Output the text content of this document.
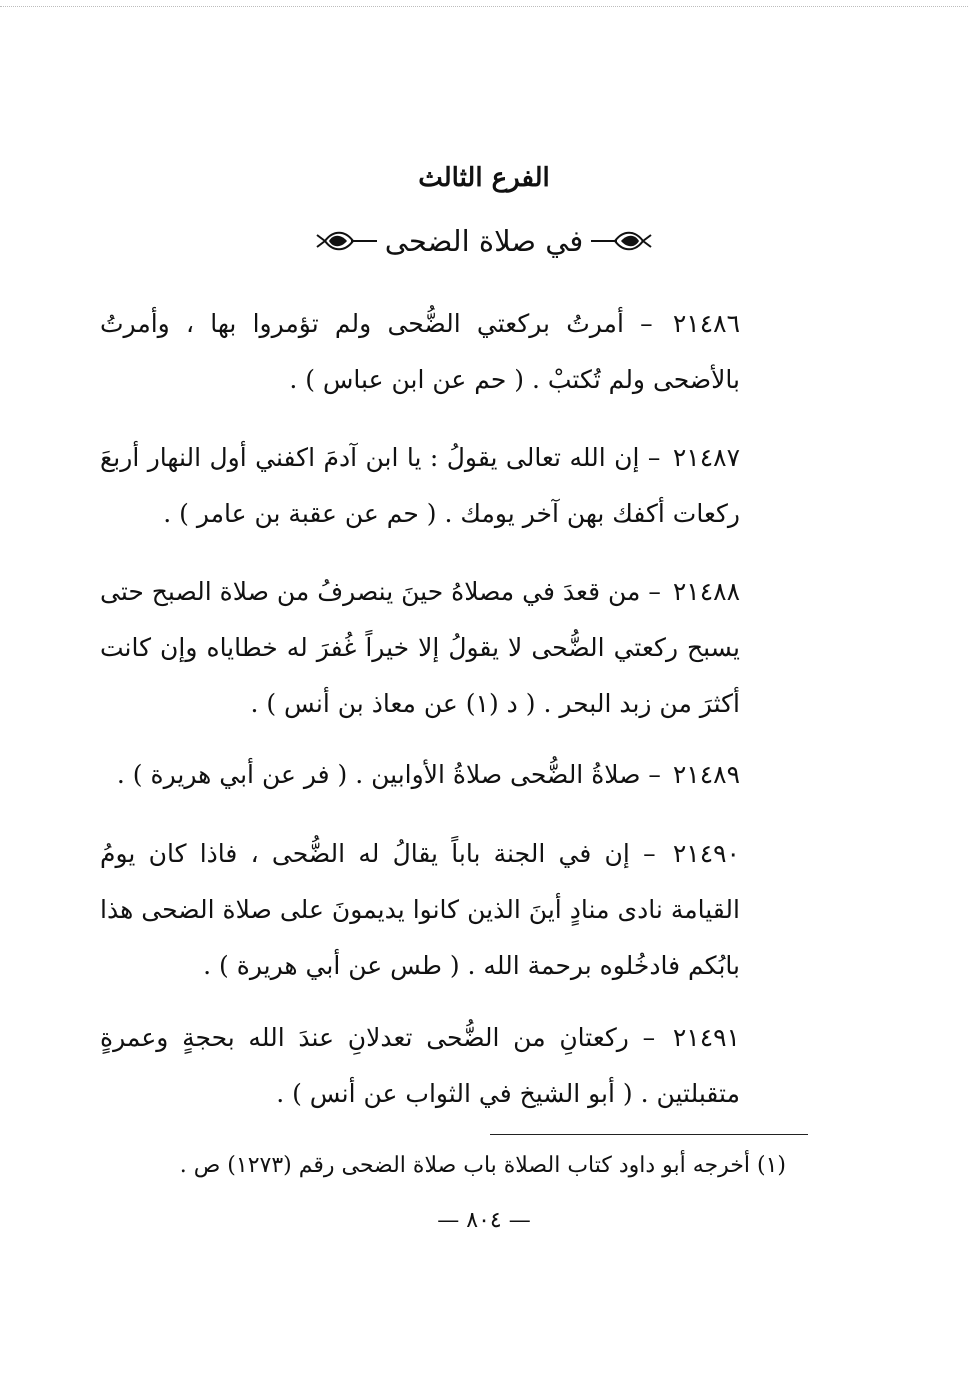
الفرع الثالث
في صلاة الضحى
٢١٤٨٦ – أمرتُ بركعتي الضُّحى ولم تؤمروا بها ، وأمرتُ بالأضحى ولم تُكتبْ . ( حم عن ابن عباس ) .
٢١٤٨٧ – إن الله تعالى يقولُ : يا ابن آدمَ اكفني أول النهار أربعَ ركعات أكفك بهن آخر يومك . ( حم عن عقبة بن عامر ) .
٢١٤٨٨ – من قعدَ في مصلاهُ حينَ ينصرفُ من صلاة الصبح حتى يسبح ركعتي الضُّحى لا يقولُ إلا خيراً غُفرَ له خطاياه وإن كانت أكثرَ من زبد البحر . ( د (١) عن معاذ بن أنس ) .
٢١٤٨٩ – صلاةُ الضُّحى صلاةُ الأوابين . ( فر عن أبي هريرة ) .
٢١٤٩٠ – إن في الجنة باباً يقالُ له الضُّحى ، فاذا كان يومُ القيامة نادى منادٍ أينَ الذين كانوا يديمونَ على صلاة الضحى هذا بابُكم فادخُلوه برحمة الله . ( طس عن أبي هريرة ) .
٢١٤٩١ – ركعتانِ من الضُّحى تعدلانِ عندَ الله بحجةٍ وعمرةٍ متقبلتين . ( أبو الشيخ في الثواب عن أنس ) .
(١) أخرجه أبو داود كتاب الصلاة باب صلاة الضحى رقم (١٢٧٣) ص .
— ٨٠٤ —
